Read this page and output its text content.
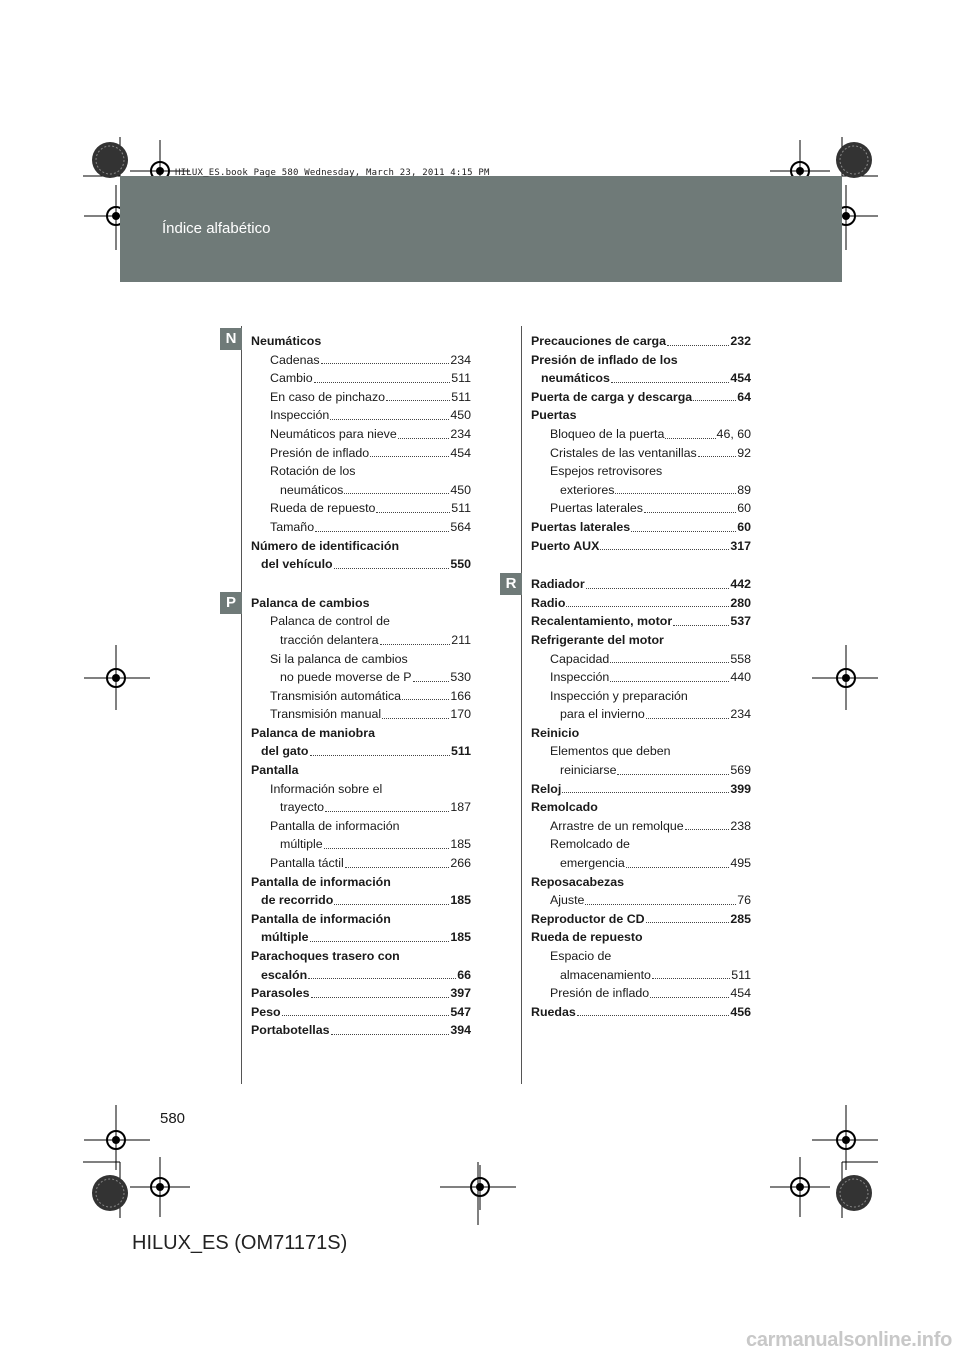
Índice alfabético
HILUX_ES.book Page 580 Wednesday, March 23, 2011 4:15 PM
N
P
R
Neumáticos
Cadenas	234
Cambio	511
En caso de pinchazo	511
Inspección	450
Neumáticos para nieve	234
Presión de inflado	454
Rotación de los
neumáticos	450
Rueda de repuesto	511
Tamaño	564
Número de identificación
del vehículo	550
Palanca de cambios
Palanca de control de
tracción delantera	211
Si la palanca de cambios
no puede moverse de P	530
Transmisión automática	166
Transmisión manual	170
Palanca de maniobra
del gato	511
Pantalla
Información sobre el
trayecto	187
Pantalla de información
múltiple	185
Pantalla táctil	266
Pantalla de información
de recorrido	185
Pantalla de información
múltiple	185
Parachoques trasero con
escalón	66
Parasoles	397
Peso	547
Portabotellas	394
Precauciones de carga	232
Presión de inflado de los
neumáticos	454
Puerta de carga y descarga	64
Puertas
Bloqueo de la puerta	46, 60
Cristales de las ventanillas	92
Espejos retrovisores
exteriores	89
Puertas laterales	60
Puertas laterales	60
Puerto AUX	317
Radiador	442
Radio	280
Recalentamiento, motor	537
Refrigerante del motor
Capacidad	558
Inspección	440
Inspección y preparación
para el invierno	234
Reinicio
Elementos que deben
reiniciarse	569
Reloj	399
Remolcado
Arrastre de un remolque	238
Remolcado de
emergencia	495
Reposacabezas
Ajuste	76
Reproductor de CD	285
Rueda de repuesto
Espacio de
almacenamiento	511
Presión de inflado	454
Ruedas	456
580
HILUX_ES (OM71171S)
carmanualsonline.info
